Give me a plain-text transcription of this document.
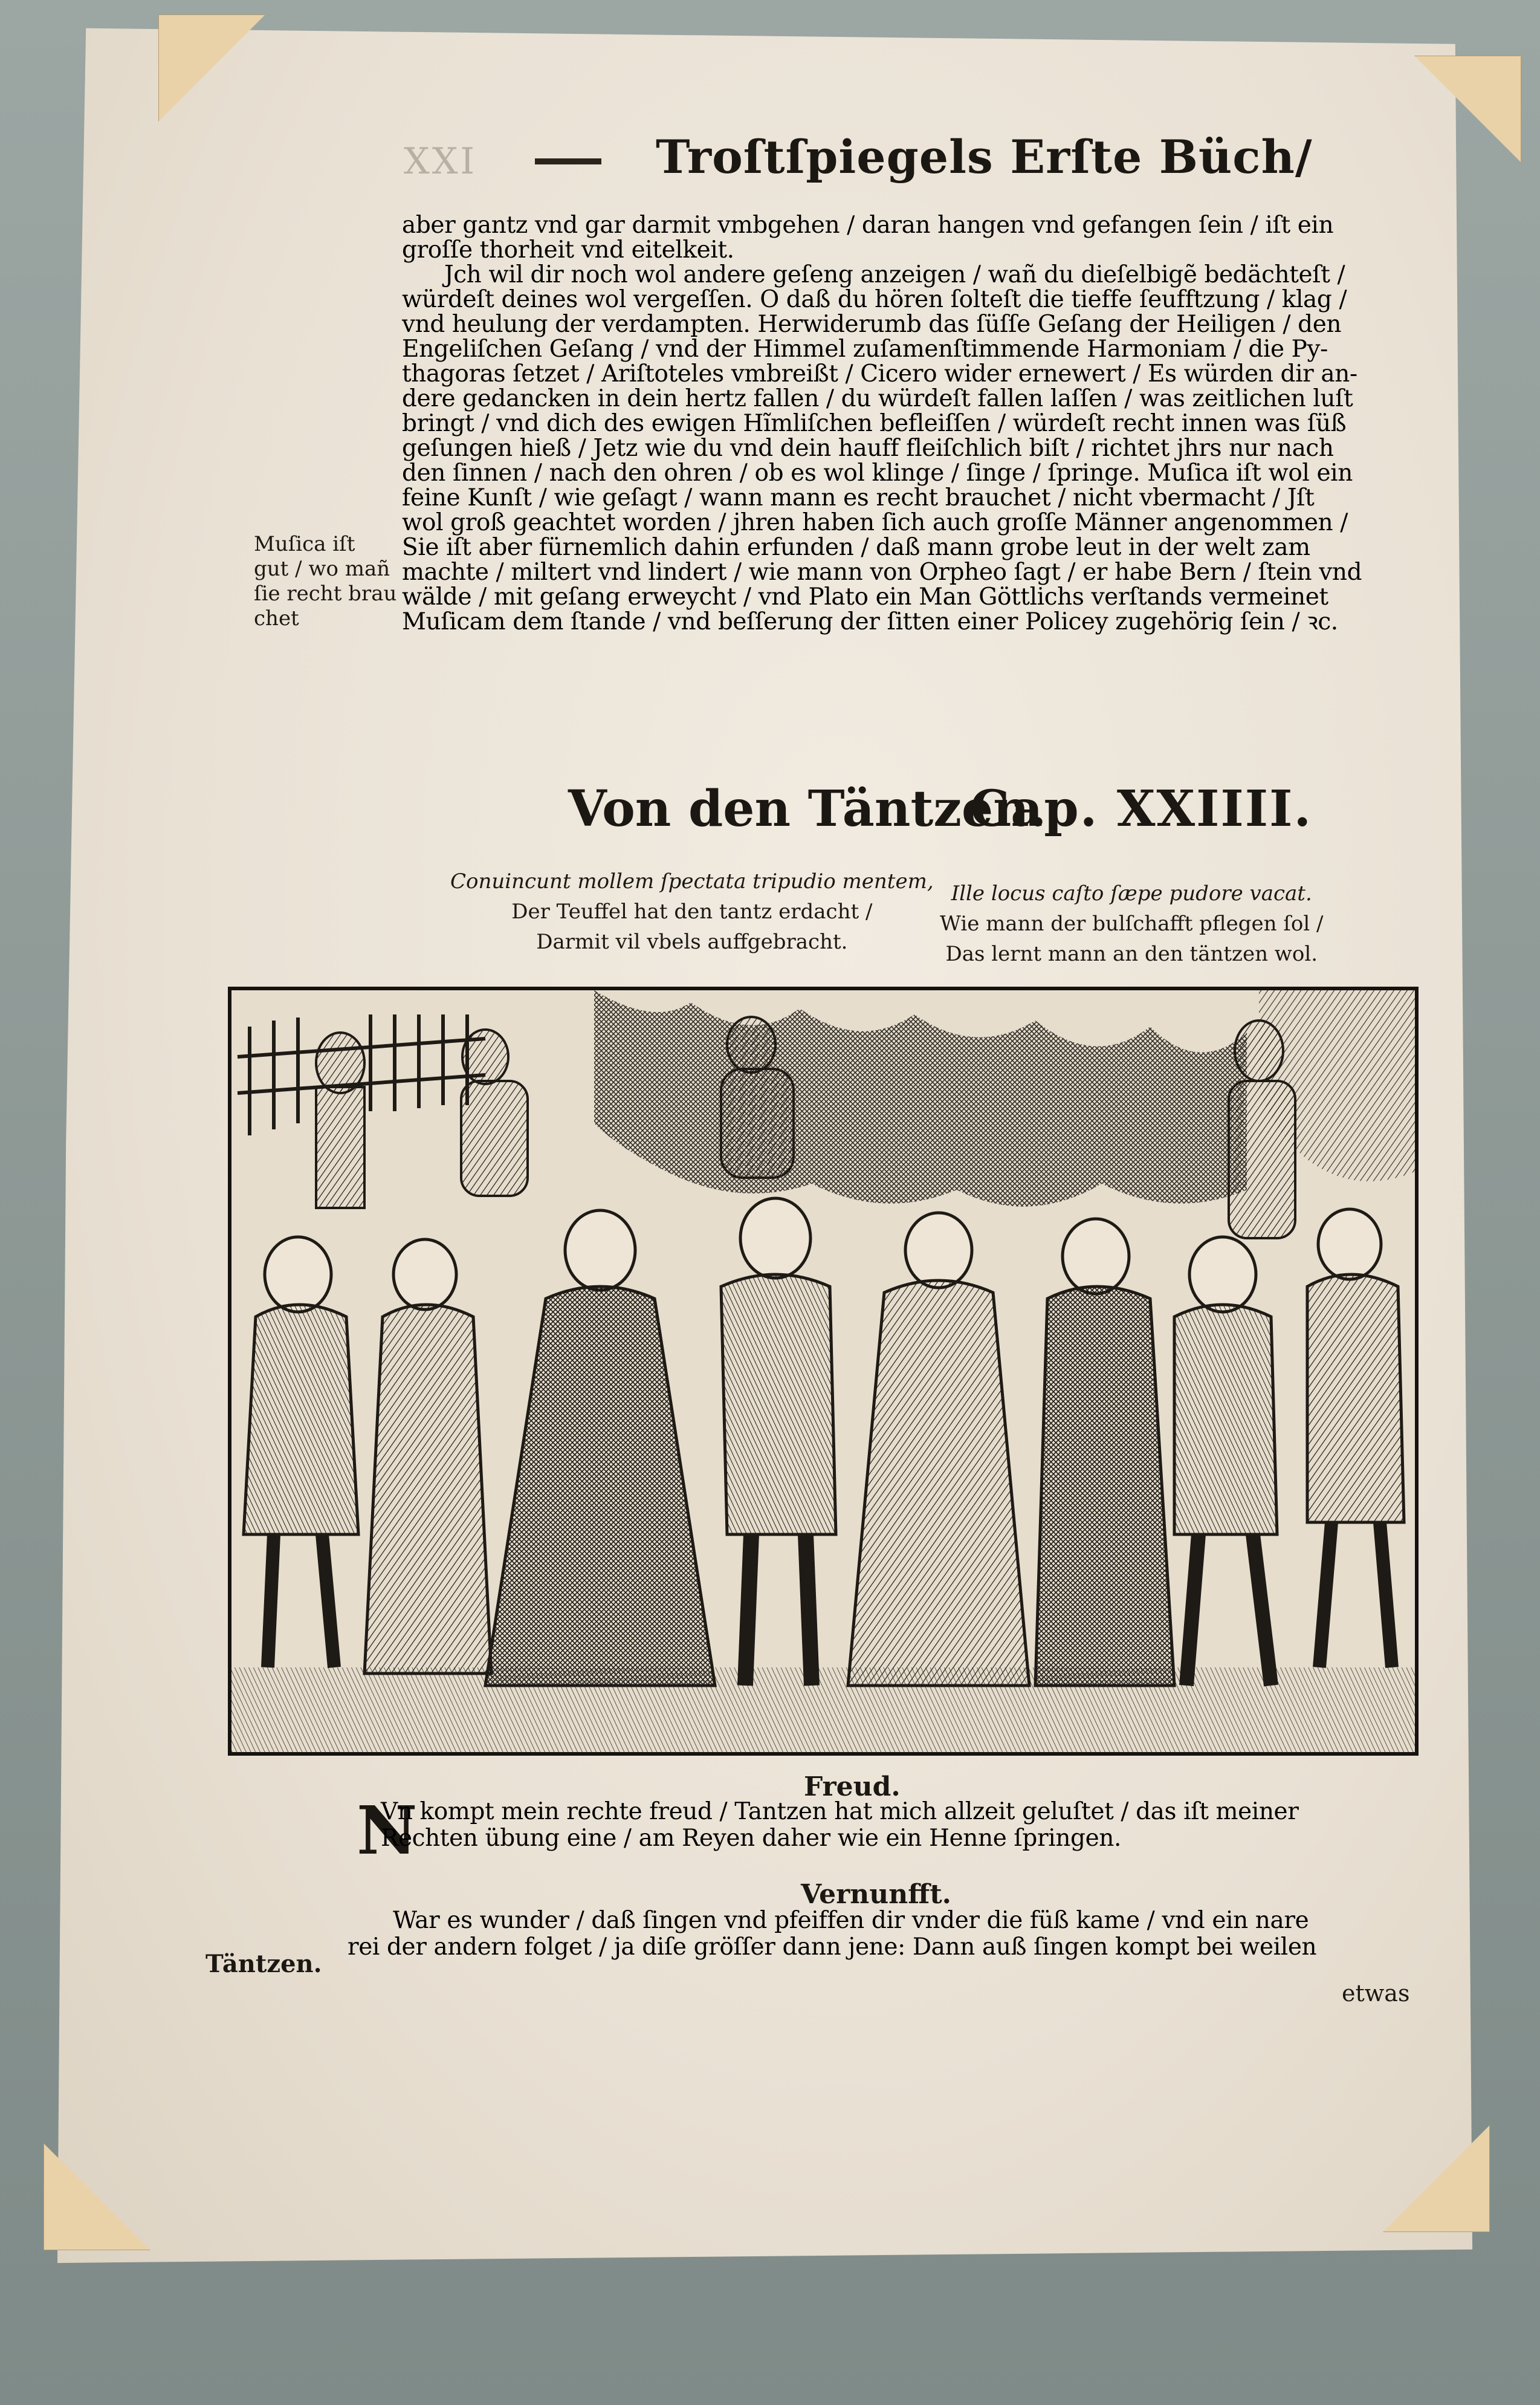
XXI	Troſtſpiegels Erſte Büch/
aber gantz vnd gar darmit vmbgehen / daran hangen vnd gefangen ſein / iſt ein
groſſe thorheit vnd eitelkeit.
Jch wil dir noch wol andere geſeng anzeigen / wañ du dieſelbigẽ bedächteſt /
würdeſt deines wol vergeſſen. O daß du hören ſolteſt die tieffe ſeufftzung / klag /
vnd heulung der verdampten. Herwiderumb das ſüſſe Geſang der Heiligen / den
Engeliſchen Geſang / vnd der Himmel zuſamenſtimmende Harmoniam / die Py-
thagoras ſetzet / Ariſtoteles vmbreißt / Cicero wider ernewert / Es würden dir an-
dere gedancken in dein hertz fallen / du würdeſt fallen laſſen / was zeitlichen luſt
bringt / vnd dich des ewigen Hĩmliſchen befleiſſen / würdeſt recht innen was ſüß
geſungen hieß / Jetz wie du vnd dein hauff fleiſchlich biſt / richtet jhrs nur nach
den ſinnen / nach den ohren / ob es wol klinge / ſinge / ſpringe. Muſica iſt wol ein
feine Kunſt / wie geſagt / wann mann es recht brauchet / nicht vbermacht / Jſt
wol groß geachtet worden / jhren haben ſich auch groſſe Männer angenommen /
Sie iſt aber fürnemlich dahin erfunden / daß mann grobe leut in der welt zam
machte / miltert vnd lindert / wie mann von Orpheo ſagt / er habe Bern / ſtein vnd
wälde / mit geſang erweycht / vnd Plato ein Man Göttlichs verſtands vermeinet
Muſicam dem ſtande / vnd beſſerung der ſitten einer Policey zugehörig ſein / ꝛc.
Muſica iſt
gut / wo mañ
ſie recht brau
chet
Von den Täntzen.
Cap. XXIIII.
Conuincunt mollem ſpectata tripudio mentem,
Der Teuffel hat den tantz erdacht /
Darmit vil vbels auffgebracht.
Ille locus caſto ſæpe pudore vacat.
Wie mann der bulſchafft pflegen ſol /
Das lernt mann an den täntzen wol.
Freud.
N
Vn kompt mein rechte freud / Tantzen hat mich allzeit geluſtet / das iſt meiner
Rechten übung eine / am Reyen daher wie ein Henne ſpringen.
Vernunfft.
War es wunder / daß ſingen vnd pfeiffen dir vnder die füß kame / vnd ein nare
rei der andern folget / ja diſe gröſſer dann jene: Dann auß ſingen kompt bei weilen
Täntzen.
etwas
